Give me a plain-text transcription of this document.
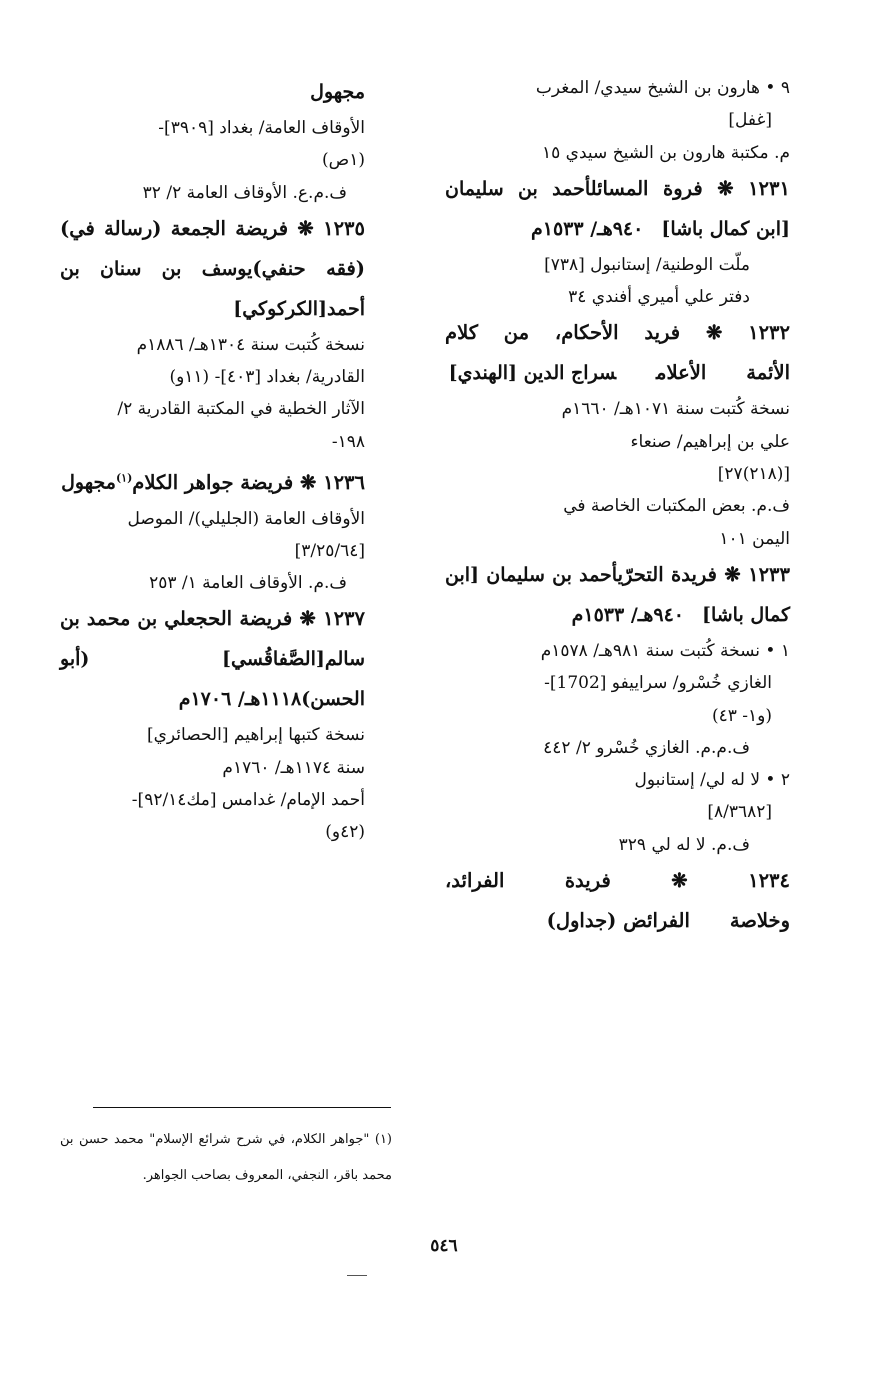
٩ • هارون بن الشيخ سيدي/ المغرب
[غفل]
م. مكتبة هارون بن الشيخ سيدي ١٥
١٢٣١ ❋ فروة المسائلأحمد بن سليمان [ابن كمال باشا]٩٤٠هـ/ ١٥٣٣م
ملّت الوطنية/ إستانبول [٧٣٨]
دفتر علي أميري أفندي ٣٤
١٢٣٢ ❋ فريد الأحكام، من كلام الأئمةالأعلامسراج الدين [الهندي]
نسخة كُتبت سنة ١٠٧١هـ/ ١٦٦٠م
علي بن إبراهيم/ صنعاء
[(٢١٨)٢٧]
ف.م. بعض المكتبات الخاصة في
اليمن ١٠١
١٢٣٣ ❋ فريدة التحرّيأحمد بن سليمان [ابن كمال باشا]٩٤٠هـ/ ١٥٣٣م
١ • نسخة كُتبت سنة ٩٨١هـ/ ١٥٧٨م
الغازي خُسْرو/ سراييفو [1702]-
(و١- ٤٣)
ف.م.م. الغازي خُسْرو ٢/ ٤٤٢
٢ • لا له لي/ إستانبول
[٨/٣٦٨٢]
ف.م. لا له لي ٣٢٩
١٢٣٤ ❋ فريدة الفرائد، وخلاصةالفرائض (جداول)
مجهول
الأوقاف العامة/ بغداد [٣٩٠٩]-
(١ص)
ف.م.ع. الأوقاف العامة ٢/ ٣٢
١٢٣٥ ❋ فريضة الجمعة (رسالة في)(فقه حنفي)يوسف بن سنان بن أحمد[الكركوكي]
نسخة كُتبت سنة ١٣٠٤هـ/ ١٨٨٦م
القادرية/ بغداد [٤٠٣]- (١١و)
الآثار الخطية في المكتبة القادرية ٢/
١٩٨-
١٢٣٦ ❋ فريضة جواهر الكلام$^{(١)}$مجهول
الأوقاف العامة (الجليلي)/ الموصل
[٣/٢٥/٦٤]
ف.م. الأوقاف العامة ١/ ٢٥٣
١٢٣٧ ❋ فريضة الحجعلي بن محمد بن سالم[الصَّفاقُسي] (أبو الحسن)١١١٨هـ/ ١٧٠٦م
نسخة كتبها إبراهيم [الحصائري]
سنة ١١٧٤هـ/ ١٧٦٠م
أحمد الإمام/ غدامس [مك٩٢/١٤]-
(٤٢و)
(١) "جواهر الكلام، في شرح شرائع الإسلام" محمد حسن بن محمد باقر، النجفي، المعروف بصاحب الجواهر.
٥٤٦
